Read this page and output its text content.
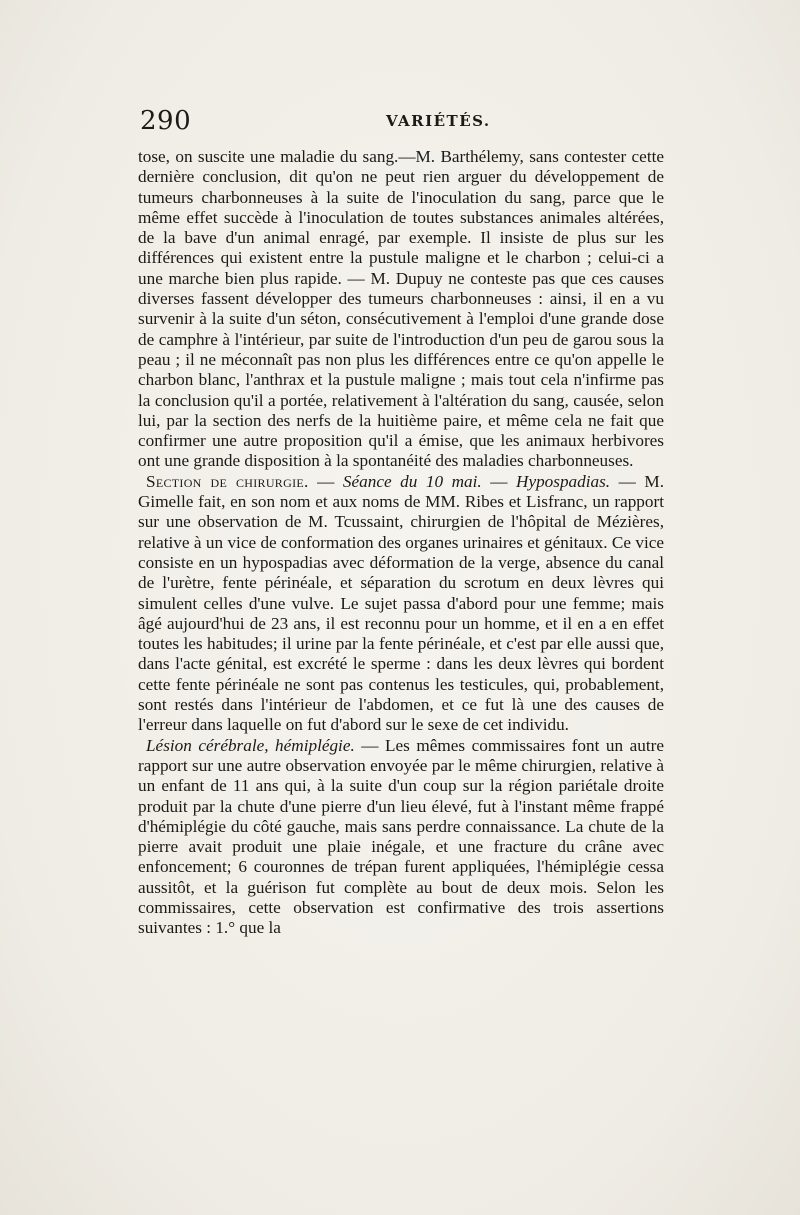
290	VARIÉTÉS.

tose, on suscite une maladie du sang.—M. Barthélemy, sans contester cette dernière conclusion, dit qu'on ne peut rien arguer du développement de tumeurs charbonneuses à la suite de l'inoculation du sang, parce que le même effet succède à l'inoculation de toutes substances animales altérées, de la bave d'un animal enragé, par exemple. Il insiste de plus sur les différences qui existent entre la pustule maligne et le charbon ; celui-ci a une marche bien plus rapide. — M. Dupuy ne conteste pas que ces causes diverses fassent développer des tumeurs charbonneuses : ainsi, il en a vu survenir à la suite d'un séton, consécutivement à l'emploi d'une grande dose de camphre à l'intérieur, par suite de l'introduction d'un peu de garou sous la peau ; il ne méconnaît pas non plus les différences entre ce qu'on appelle le charbon blanc, l'anthrax et la pustule maligne ; mais tout cela n'infirme pas la conclusion qu'il a portée, relativement à l'altération du sang, causée, selon lui, par la section des nerfs de la huitième paire, et même cela ne fait que confirmer une autre proposition qu'il a émise, que les animaux herbivores ont une grande disposition à la spontanéité des maladies charbonneuses.

Section de chirurgie. — Séance du 10 mai. — Hypospadias. — M. Gimelle fait, en son nom et aux noms de MM. Ribes et Lisfranc, un rapport sur une observation de M. Tcussaint, chirurgien de l'hôpital de Mézières, relative à un vice de conformation des organes urinaires et génitaux. Ce vice consiste en un hypospadias avec déformation de la verge, absence du canal de l'urètre, fente périnéale, et séparation du scrotum en deux lèvres qui simulent celles d'une vulve. Le sujet passa d'abord pour une femme; mais âgé aujourd'hui de 23 ans, il est reconnu pour un homme, et il en a en effet toutes les habitudes; il urine par la fente périnéale, et c'est par elle aussi que, dans l'acte génital, est excrété le sperme : dans les deux lèvres qui bordent cette fente périnéale ne sont pas contenus les testicules, qui, probablement, sont restés dans l'intérieur de l'abdomen, et ce fut là une des causes de l'erreur dans laquelle on fut d'abord sur le sexe de cet individu.

Lésion cérébrale, hémiplégie. — Les mêmes commissaires font un autre rapport sur une autre observation envoyée par le même chirurgien, relative à un enfant de 11 ans qui, à la suite d'un coup sur la région pariétale droite produit par la chute d'une pierre d'un lieu élevé, fut à l'instant même frappé d'hémiplégie du côté gauche, mais sans perdre connaissance. La chute de la pierre avait produit une plaie inégale, et une fracture du crâne avec enfoncement; 6 couronnes de trépan furent appliquées, l'hémiplégie cessa aussitôt, et la guérison fut complète au bout de deux mois. Selon les commissaires, cette observation est confirmative des trois assertions suivantes : 1.° que la
